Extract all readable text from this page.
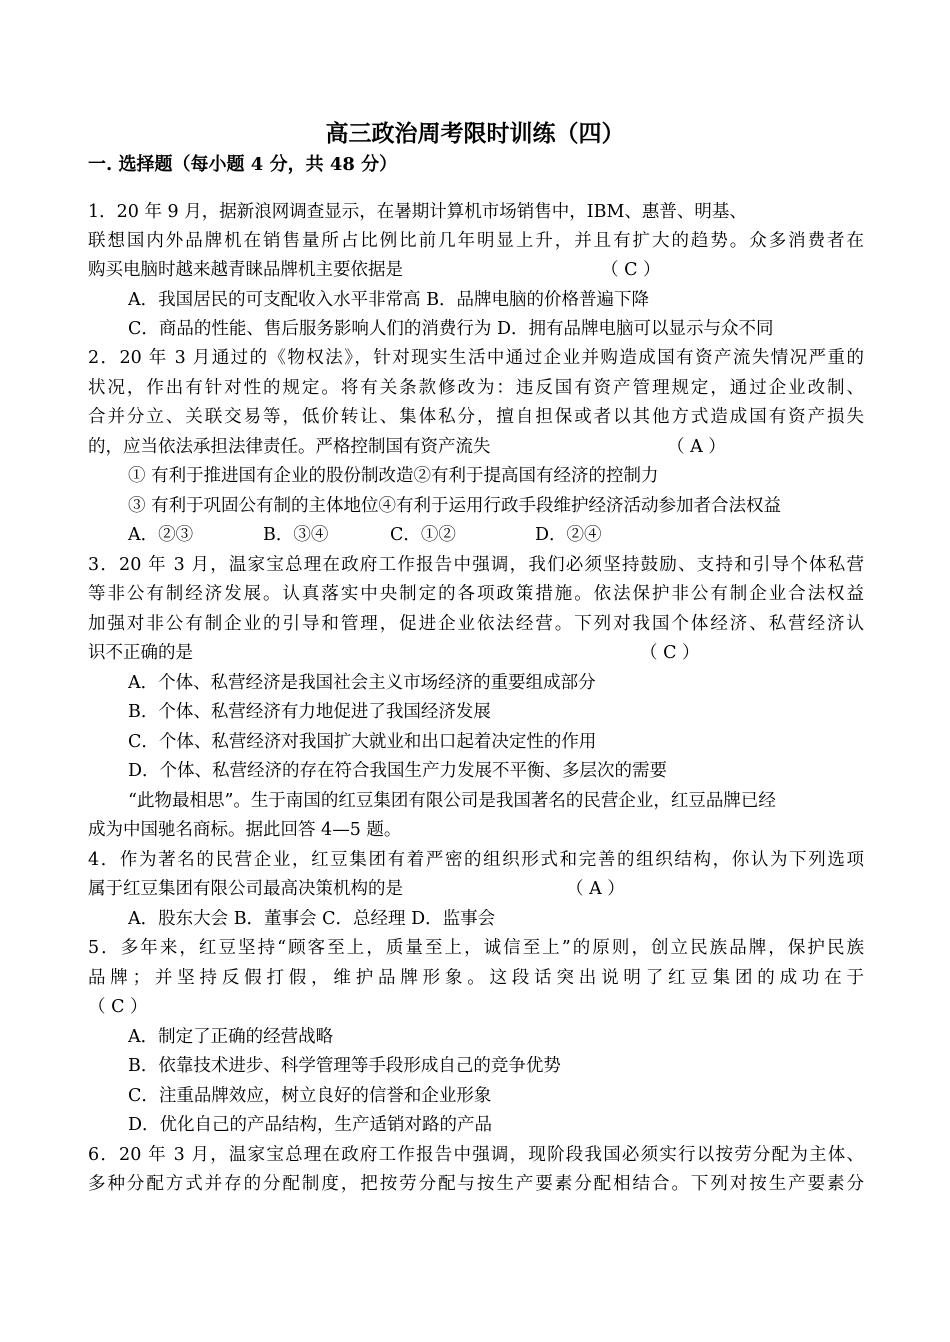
高三政治周考限时训练（四）
一. 选择题（每小题 4 分，共 48 分）
1．20 年 9 月，据新浪网调查显示，在暑期计算机市场销售中，IBM、惠普、明基、
联想国内外品牌机在销售量所占比例比前几年明显上升，并且有扩大的趋势。众多消费者在
购买电脑时越来越青睐品牌机主要依据是	（ C ）
A．我国居民的可支配收入水平非常高 B．品牌电脑的价格普遍下降
C．商品的性能、售后服务影响人们的消费行为 D．拥有品牌电脑可以显示与众不同
2．20 年 3 月通过的《物权法》，针对现实生活中通过企业并购造成国有资产流失情况严重的
状况，作出有针对性的规定。将有关条款修改为：违反国有资产管理规定，通过企业改制、
合并分立、关联交易等，低价转让、集体私分，擅自担保或者以其他方式造成国有资产损失
的，应当依法承担法律责任。严格控制国有资产流失	（ A ）
① 有利于推进国有企业的股份制改造②有利于提高国有经济的控制力
③ 有利于巩固公有制的主体地位④有利于运用行政手段维护经济活动参加者合法权益
A．②③	B．③④	C．①②	D．②④
3．20 年 3 月，温家宝总理在政府工作报告中强调，我们必须坚持鼓励、支持和引导个体私营
等非公有制经济发展。认真落实中央制定的各项政策措施。依法保护非公有制企业合法权益
加强对非公有制企业的引导和管理，促进企业依法经营。下列对我国个体经济、私营经济认
识不正确的是	（ C ）
A．个体、私营经济是我国社会主义市场经济的重要组成部分
B．个体、私营经济有力地促进了我国经济发展
C．个体、私营经济对我国扩大就业和出口起着决定性的作用
D．个体、私营经济的存在符合我国生产力发展不平衡、多层次的需要
“此物最相思”。生于南国的红豆集团有限公司是我国著名的民营企业，红豆品牌已经
成为中国驰名商标。据此回答 4—5 题。
4．作为著名的民营企业，红豆集团有着严密的组织形式和完善的组织结构，你认为下列选项
属于红豆集团有限公司最高决策机构的是	（ A ）
A．股东大会 B．董事会 C．总经理 D．监事会
5．多年来，红豆坚持“顾客至上，质量至上，诚信至上”的原则，创立民族品牌，保护民族
品牌；并坚持反假打假，维护品牌形象。这段话突出说明了红豆集团的成功在于
（ C ）
A．制定了正确的经营战略
B．依靠技术进步、科学管理等手段形成自己的竞争优势
C．注重品牌效应，树立良好的信誉和企业形象
D．优化自己的产品结构，生产适销对路的产品
6．20 年 3 月，温家宝总理在政府工作报告中强调，现阶段我国必须实行以按劳分配为主体、
多种分配方式并存的分配制度，把按劳分配与按生产要素分配相结合。下列对按生产要素分
